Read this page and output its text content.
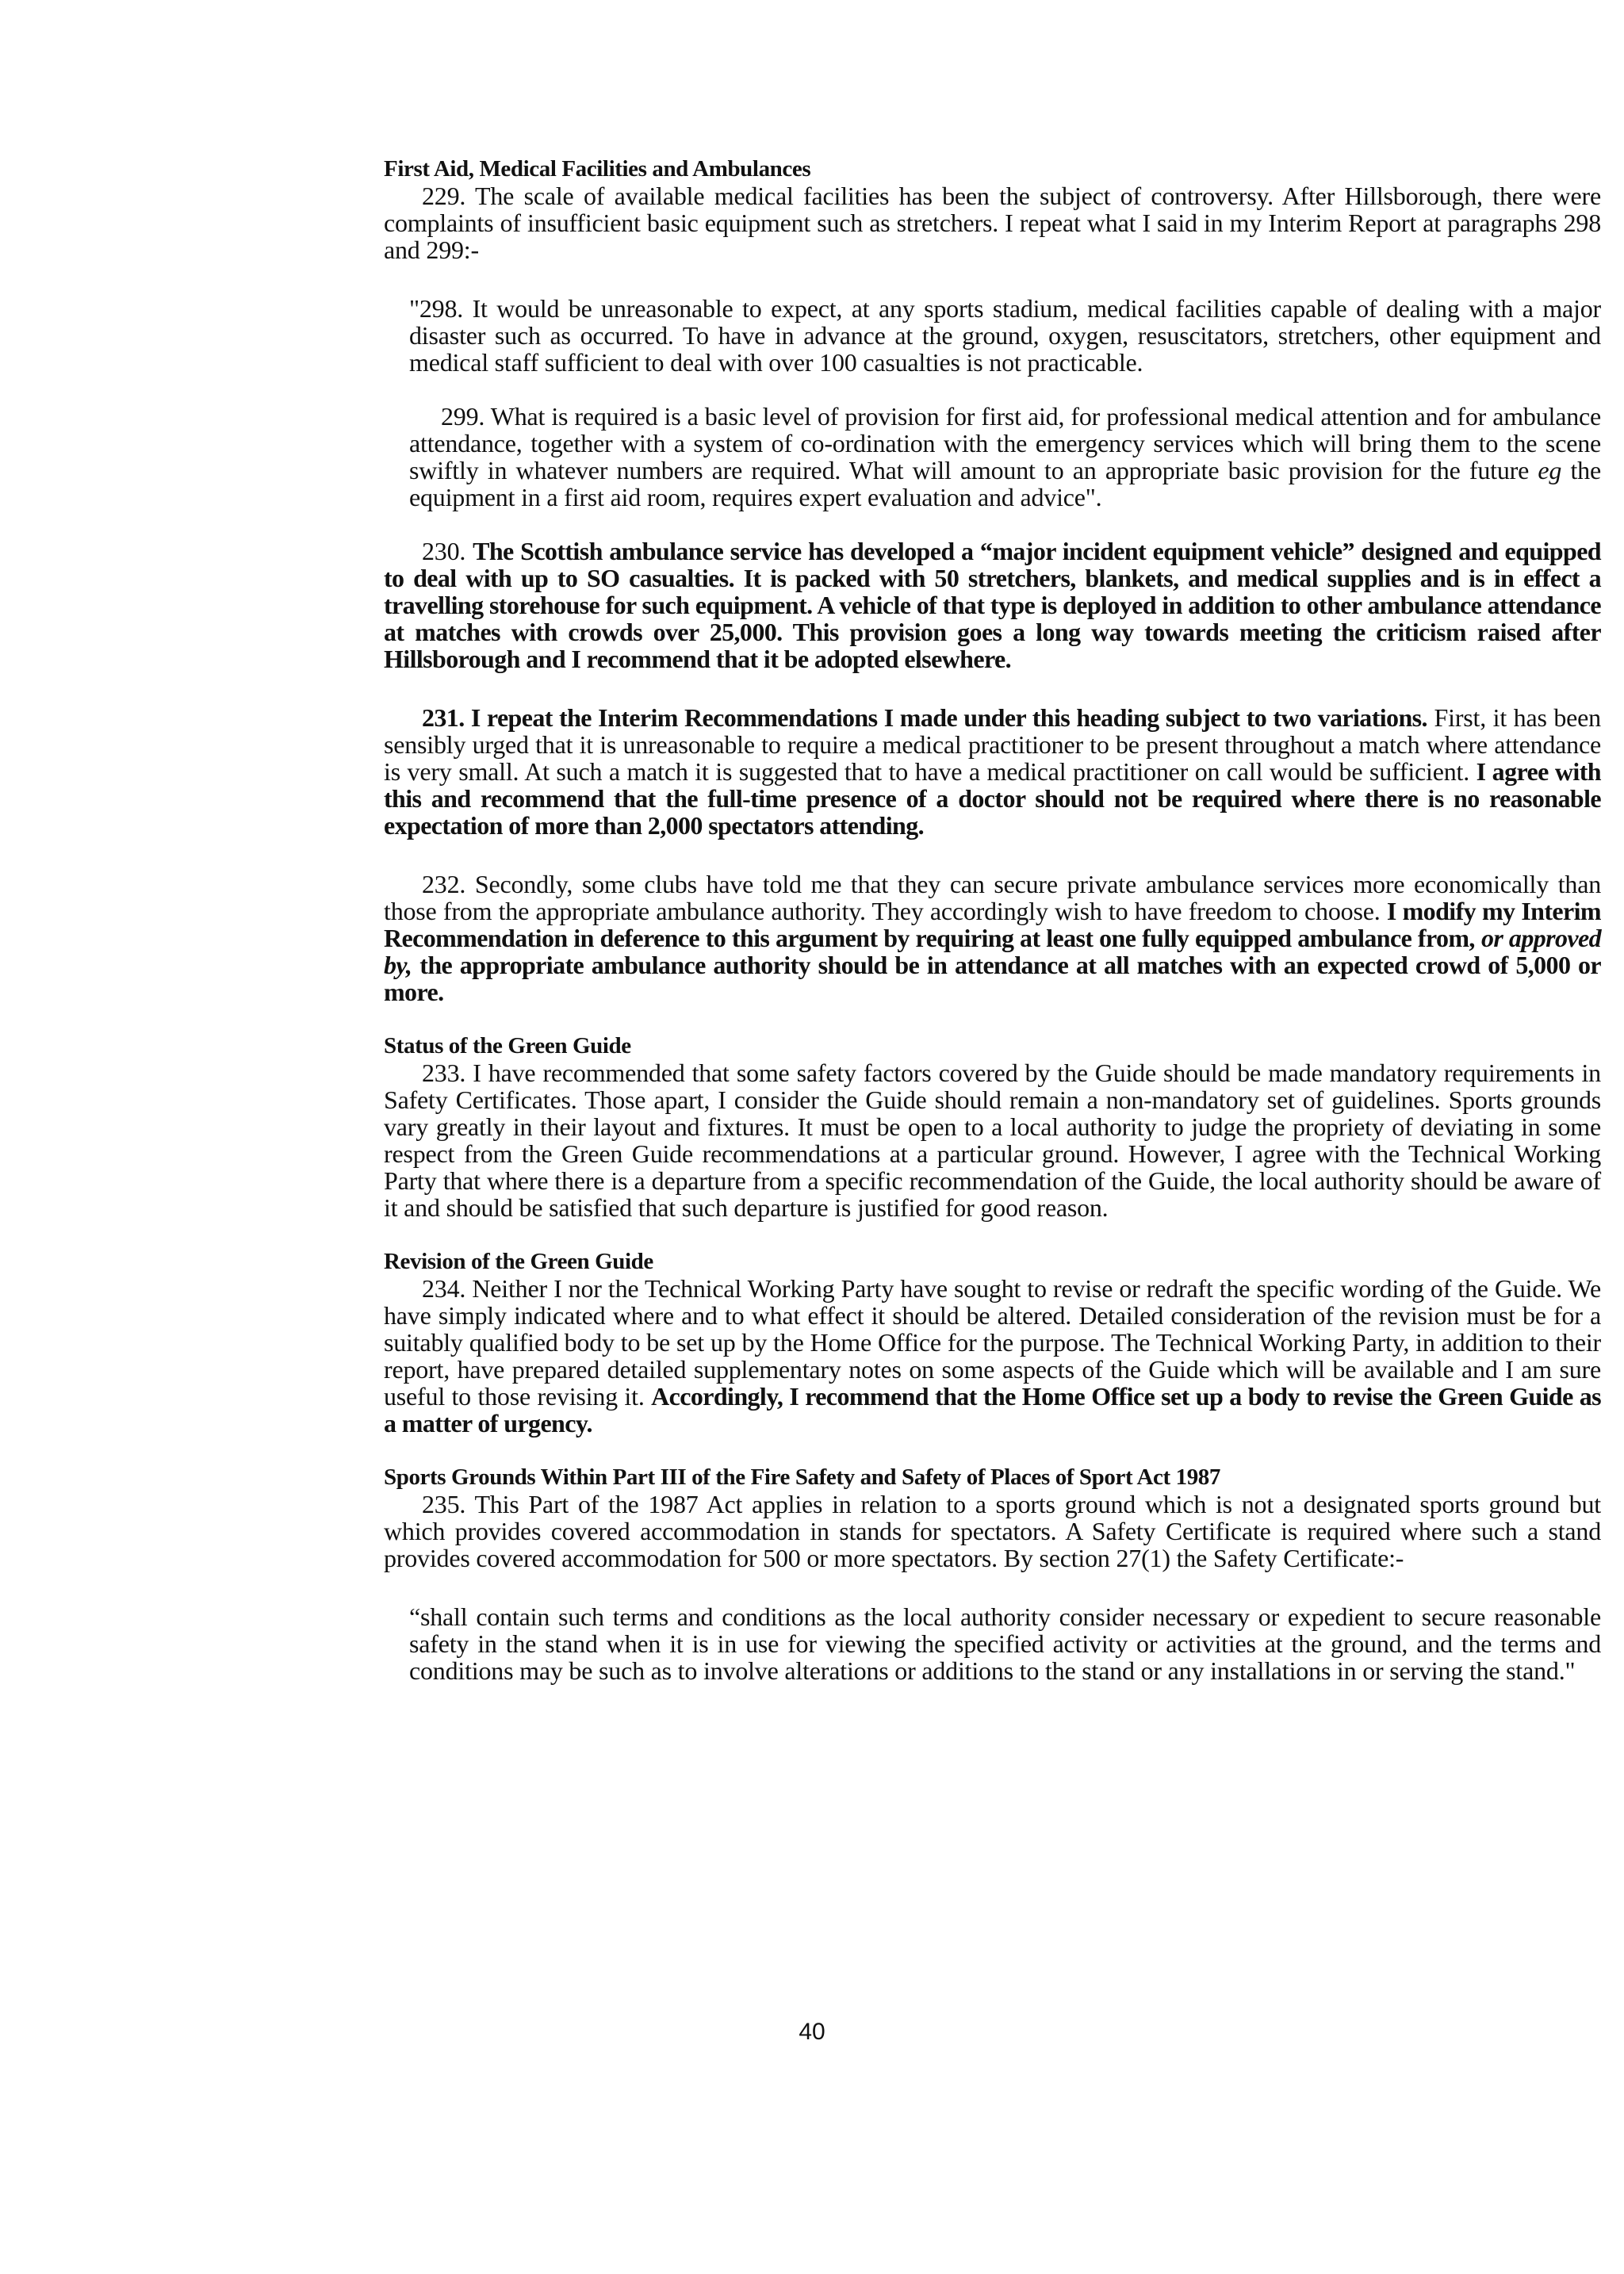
First Aid, Medical Facilities and Ambulances

229. The scale of available medical facilities has been the subject of controversy. After Hillsborough, there were complaints of insufficient basic equipment such as stretchers. I repeat what I said in my Interim Report at paragraphs 298 and 299:-

"298. It would be unreasonable to expect, at any sports stadium, medical facilities capable of dealing with a major disaster such as occurred. To have in advance at the ground, oxygen, resuscitators, stretchers, other equipment and medical staff sufficient to deal with over 100 casualties is not practicable.

299. What is required is a basic level of provision for first aid, for professional medical attention and for ambulance attendance, together with a system of co-ordination with the emergency services which will bring them to the scene swiftly in whatever numbers are required. What will amount to an appropriate basic provision for the future eg the equipment in a first aid room, requires expert evaluation and advice".

230. The Scottish ambulance service has developed a “major incident equipment vehicle” designed and equipped to deal with up to SO casualties. It is packed with 50 stretchers, blankets, and medical supplies and is in effect a travelling storehouse for such equipment. A vehicle of that type is deployed in addition to other ambulance attendance at matches with crowds over 25,000. This provision goes a long way towards meeting the criticism raised after Hillsborough and I recommend that it be adopted elsewhere.

231. I repeat the Interim Recommendations I made under this heading subject to two variations. First, it has been sensibly urged that it is unreasonable to require a medical practitioner to be present throughout a match where attendance is very small. At such a match it is suggested that to have a medical practitioner on call would be sufficient. I agree with this and recommend that the full-time presence of a doctor should not be required where there is no reasonable expectation of more than 2,000 spectators attending.

232. Secondly, some clubs have told me that they can secure private ambulance services more economically than those from the appropriate ambulance authority. They accordingly wish to have freedom to choose. I modify my Interim Recommendation in deference to this argument by requiring at least one fully equipped ambulance from, or approved by, the appropriate ambulance authority should be in attendance at all matches with an expected crowd of 5,000 or more.

Status of the Green Guide

233. I have recommended that some safety factors covered by the Guide should be made mandatory requirements in Safety Certificates. Those apart, I consider the Guide should remain a non-mandatory set of guidelines. Sports grounds vary greatly in their layout and fixtures. It must be open to a local authority to judge the propriety of deviating in some respect from the Green Guide recommendations at a particular ground. However, I agree with the Technical Working Party that where there is a departure from a specific recommendation of the Guide, the local authority should be aware of it and should be satisfied that such departure is justified for good reason.

Revision of the Green Guide

234. Neither I nor the Technical Working Party have sought to revise or redraft the specific wording of the Guide. We have simply indicated where and to what effect it should be altered. Detailed consideration of the revision must be for a suitably qualified body to be set up by the Home Office for the purpose. The Technical Working Party, in addition to their report, have prepared detailed supplementary notes on some aspects of the Guide which will be available and I am sure useful to those revising it. Accordingly, I recommend that the Home Office set up a body to revise the Green Guide as a matter of urgency.

Sports Grounds Within Part III of the Fire Safety and Safety of Places of Sport Act 1987

235. This Part of the 1987 Act applies in relation to a sports ground which is not a designated sports ground but which provides covered accommodation in stands for spectators. A Safety Certificate is required where such a stand provides covered accommodation for 500 or more spectators. By section 27(1) the Safety Certificate:-

“shall contain such terms and conditions as the local authority consider necessary or expedient to secure reasonable safety in the stand when it is in use for viewing the specified activity or activities at the ground, and the terms and conditions may be such as to involve alterations or additions to the stand or any installations in or serving the stand."

40
